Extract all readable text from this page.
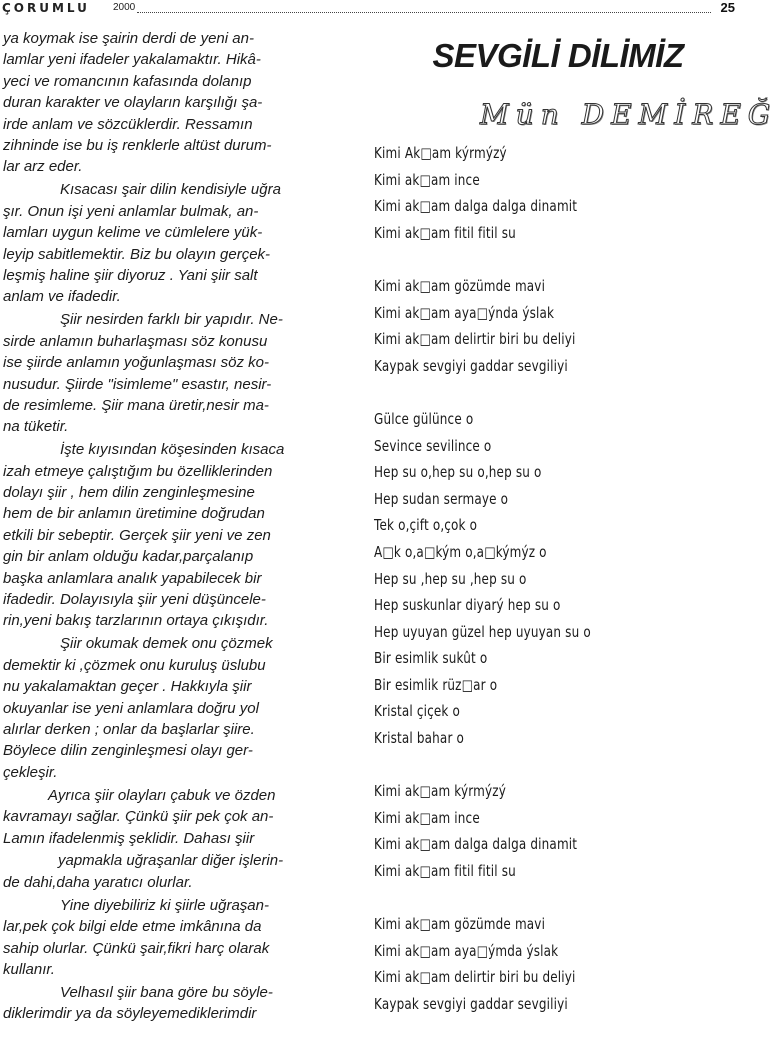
ÇORUMLU 2000	25
ya koymak ise şairin derdi de yeni an-
lamlar yeni ifadeler yakalamaktır. Hikâ-
yeci ve romancının kafasında dolanıp
duran karakter ve olayların karşılığı şa-
irde anlam ve sözcüklerdir. Ressamın
zihninde ise bu iş renklerle altüst durum-
lar arz eder.
Kısacası şair dilin kendisiyle uğra
şır. Onun işi yeni anlamlar bulmak, an-
lamları uygun kelime ve cümlelere yük-
leyip sabitlemektir. Biz bu olayın gerçek-
leşmiş haline şiir diyoruz . Yani şiir salt
anlam ve ifadedir.
Şiir nesirden farklı bir yapıdır. Ne-
sirde anlamın buharlaşması söz konusu
ise şiirde anlamın yoğunlaşması söz ko-
nusudur. Şiirde "isimleme" esastır, nesir-
de resimleme. Şiir mana üretir,nesir ma-
na tüketir.
İşte kıyısından köşesinden kısaca
izah etmeye çalıştığım bu özelliklerinden
dolayı şiir , hem dilin zenginleşmesine
hem de bir anlamın üretimine doğrudan
etkili bir sebeptir. Gerçek şiir yeni ve zen
gin bir anlam olduğu kadar,parçalanıp
başka anlamlara analık yapabilecek bir
ifadedir. Dolayısıyla şiir yeni düşüncele-
rin,yeni bakış tarzlarının ortaya çıkışıdır.
Şiir okumak demek onu çözmek
demektir ki ,çözmek onu kuruluş üslubu
nu yakalamaktan geçer . Hakkıyla şiir
okuyanlar ise yeni anlamlara doğru yol
alırlar derken ; onlar da başlarlar şiire.
Böylece dilin zenginleşmesi olayı ger-
çekleşir.
Ayrıca şiir olayları çabuk ve özden
kavramayı sağlar. Çünkü şiir pek çok an-
Lamın ifadelenmiş şeklidir. Dahası şiir
yapmakla uğraşanlar diğer işlerin-
de dahi,daha yaratıcı olurlar.
Yine diyebiliriz ki şiirle uğraşan-
lar,pek çok bilgi elde etme imkânına da
sahip olurlar. Çünkü şair,fikri harç olarak
kullanır.
Velhasıl şiir bana göre bu söyle-
diklerimdir ya da söyleyemediklerimdir
SEVGİLİ DİLİMİZ
Mün DEMİREĞ
Kimi Ak□am kýrmýzý
Kimi ak□am ince
Kimi ak□am dalga dalga dinamit
Kimi ak□am fitil fitil su
Kimi ak□am gözümde mavi
Kimi ak□am aya□ýnda ýslak
Kimi ak□am delirtir biri bu deliyi
Kaypak sevgiyi gaddar sevgiliyi
Gülce gülünce o
Sevince sevilince o
Hep su o,hep su o,hep su o
Hep sudan sermaye o
Tek o,çift o,çok o
A□k o,a□kým o,a□kýmýz o
Hep su ,hep su ,hep su o
Hep suskunlar diyarý hep su o
Hep uyuyan güzel hep uyuyan su o
Bir esimlik sukût o
Bir esimlik rüz□ar o
Kristal çiçek o
Kristal bahar o
Kimi ak□am kýrmýzý
Kimi ak□am ince
Kimi ak□am dalga dalga dinamit
Kimi ak□am fitil fitil su
Kimi ak□am gözümde mavi
Kimi ak□am aya□ýmda ýslak
Kimi ak□am delirtir biri bu deliyi
Kaypak sevgiyi gaddar sevgiliyi
